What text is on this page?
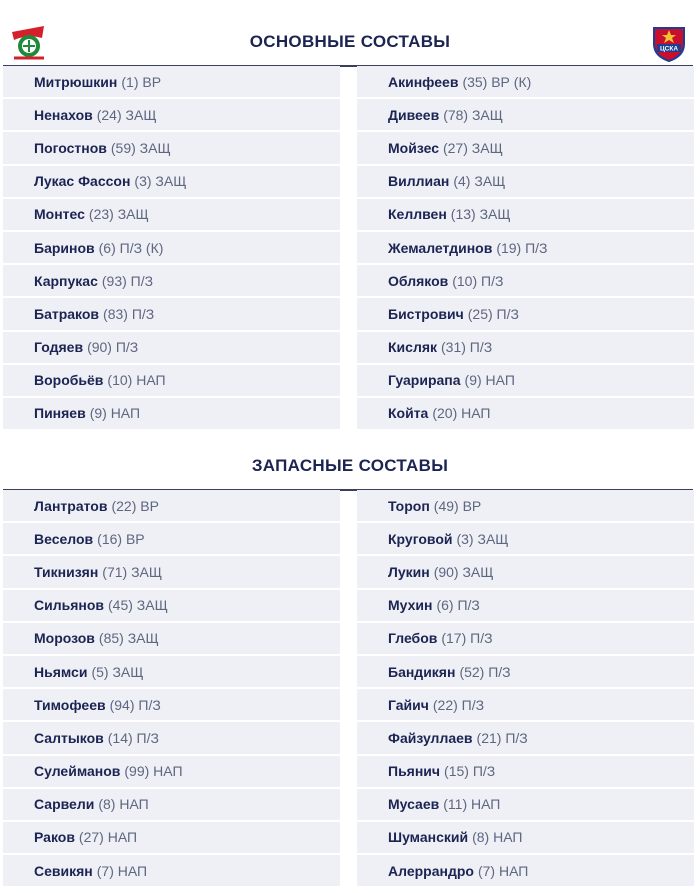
ЦСКА
ОСНОВНЫЕ СОСТАВЫ
Митрюшкин (1) ВР
Ненахов (24) ЗАЩ
Погостнов (59) ЗАЩ
Лукас Фассон (3) ЗАЩ
Монтес (23) ЗАЩ
Баринов (6) П/З (К)
Карпукас (93) П/З
Батраков (83) П/З
Годяев (90) П/З
Воробьёв (10) НАП
Пиняев (9) НАП
Акинфеев (35) ВР (К)
Дивеев (78) ЗАЩ
Мойзес (27) ЗАЩ
Виллиан (4) ЗАЩ
Келлвен (13) ЗАЩ
Жемалетдинов (19) П/З
Обляков (10) П/З
Бистрович (25) П/З
Кисляк (31) П/З
Гуарирапа (9) НАП
Койта (20) НАП
ЗАПАСНЫЕ СОСТАВЫ
Лантратов (22) ВР
Веселов (16) ВР
Тикнизян (71) ЗАЩ
Сильянов (45) ЗАЩ
Морозов (85) ЗАЩ
Ньямси (5) ЗАЩ
Тимофеев (94) П/З
Салтыков (14) П/З
Сулейманов (99) НАП
Сарвели (8) НАП
Раков (27) НАП
Севикян (7) НАП
Тороп (49) ВР
Круговой (3) ЗАЩ
Лукин (90) ЗАЩ
Мухин (6) П/З
Глебов (17) П/З
Бандикян (52) П/З
Гайич (22) П/З
Файзуллаев (21) П/З
Пьянич (15) П/З
Мусаев (11) НАП
Шуманский (8) НАП
Алеррандро (7) НАП
